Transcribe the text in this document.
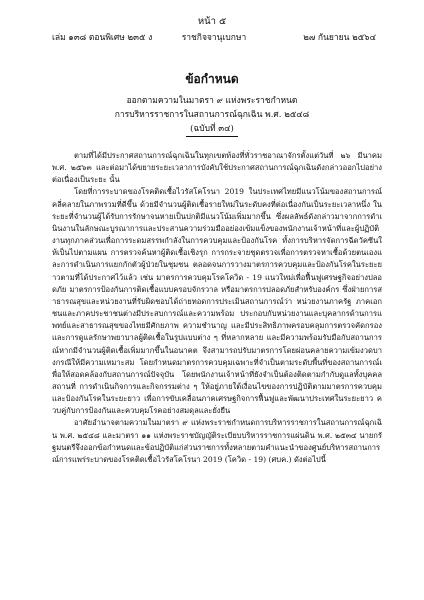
หน้า ๕
เล่ม ๑๓๘ ตอนพิเศษ ๒๓๕ ง	ราชกิจจานุเบกษา	๒๗ กันยายน ๒๕๖๔
ข้อกำหนด
ออกตามความในมาตรา ๙ แห่งพระราชกำหนด
การบริหารราชการในสถานการณ์ฉุกเฉิน พ.ศ. ๒๕๔๘
(ฉบับที่ ๓๔)

ตามที่ได้มีประกาศสถานการณ์ฉุกเฉินในทุกเขตท้องที่ทั่วราชอาณาจักรตั้งแต่วันที่ ๒๖ มีนาคม พ.ศ. ๒๕๖๓ และต่อมาได้ขยายระยะเวลาการบังคับใช้ประกาศสถานการณ์ฉุกเฉินดังกล่าวออกไปอย่างต่อเนื่องเป็นระยะ นั้น

โดยที่การระบาดของโรคติดเชื้อไวรัสโคโรนา 2019 ในประเทศไทยมีแนวโน้มของสถานการณ์คลี่คลายในภาพรวมที่ดีขึ้น ด้วยมีจำนวนผู้ติดเชื้อรายใหม่ในระดับคงที่ต่อเนื่องกันเป็นระยะเวลาหนึ่ง ในระยะที่จำนวนผู้ได้รับการรักษาจนหายเป็นปกติมีแนวโน้มเพิ่มมากขึ้น ซึ่งผลลัพธ์ดังกล่าวมาจากการดำเนินงานในลักษณะบูรณาการและประสานความร่วมมืออย่องเข้มแข็งของพนักงานเจ้าหน้าที่และผู้ปฏิบัติงานทุกภาคส่วนเพื่อการระดมสรรพกำลังในการควบคุมและป้องกันโรค ทั้งการบริหารจัดการฉีดวัคซีนให้เป็นไปตามแผน การตรวจค้นหาผู้ติดเชื้อเชิงรุก การกระจายชุดตรวจเพื่อการตรวจหาเชื้อด้วยตนเองและการดำเนินการแยกกักตัวผู้ป่วยในชุมชน ตลอดจนการวางมาตรการควบคุมและป้องกันโรคในระยะยาวตามที่ได้ประกาศไว้แล้ว เช่น มาตรการควบคุมโรคโควิด - 19 แนวใหม่เพื่อฟื้นฟูเศรษฐกิจอย่างปลอดภัย มาตรการป้องกันการติดเชื้อแบบครอบจักรวาล หรือมาตรการปลอดภัยสำหรับองค์กร ซึ่งฝ่ายการสาธารณสุขและหน่วยงานที่รับผิดชอบได้ถ่ายทอดการประเมินสถานการณ์ว่า หน่วยงานภาครัฐ ภาคเอกชนและภาคประชาชนต่างมีประสบการณ์และความพร้อม ประกอบกับหน่วยงานและบุคลากรด้านการแพทย์และสาธารณสุขของไทยมีศักยภาพ ความชำนาญ และมีประสิทธิภาพครอบคลุมการตรวจคัดกรองและการดูแลรักษาพยาบาลผู้ติดเชื้อในรูปแบบต่าง ๆ ที่หลากหลาย และมีความพร้อมรับมือกับสถานการณ์หากมีจำนวนผู้ติดเชื้อเพิ่มมากขึ้นในอนาคต จึงสามารถปรับมาตรการโดยผ่อนคลายความเข้มงวดบางกรณีให้มีความเหมาะสม โดยกำหนดมาตรการควบคุมเฉพาะที่จำเป็นตามระดับพื้นที่ของสถานการณ์เพื่อให้สอดคล้องกับสถานการณ์ปัจจุบัน โดยพนักงานเจ้าหน้าที่ยังจำเป็นต้องติดตามกำกับดูแลทั้งบุคคล สถานที่ การดำเนินกิจการและกิจกรรมต่าง ๆ ให้อยู่ภายใต้เงื่อนไขของการปฏิบัติตามมาตรการควบคุมและป้องกันโรคในระยะยาว เพื่อการขับเคลื่อนภาคเศรษฐกิจการฟื้นฟูและพัฒนาประเทศในระยะยาว ควบคู่กับการป้องกันและควบคุมโรคอย่างสมดุลและยั่งยืน

อาศัยอำนาจตามความในมาตรา ๙ แห่งพระราชกำหนดการบริหารราชการในสถานการณ์ฉุกเฉิน พ.ศ. ๒๕๔๘ และมาตรา ๑๑ แห่งพระราชบัญญัติระเบียบบริหารราชการแผ่นดิน พ.ศ. ๒๕๓๔ นายกรัฐมนตรีจึงออกข้อกำหนดและข้อปฏิบัติแก่ส่วนราชการทั้งหลายตามคำแนะนำของศูนย์บริหารสถานการณ์การแพร่ระบาดของโรคติดเชื้อไวรัสโคโรนา 2019 (โควิด - 19) (ศบค.) ดังต่อไปนี้
